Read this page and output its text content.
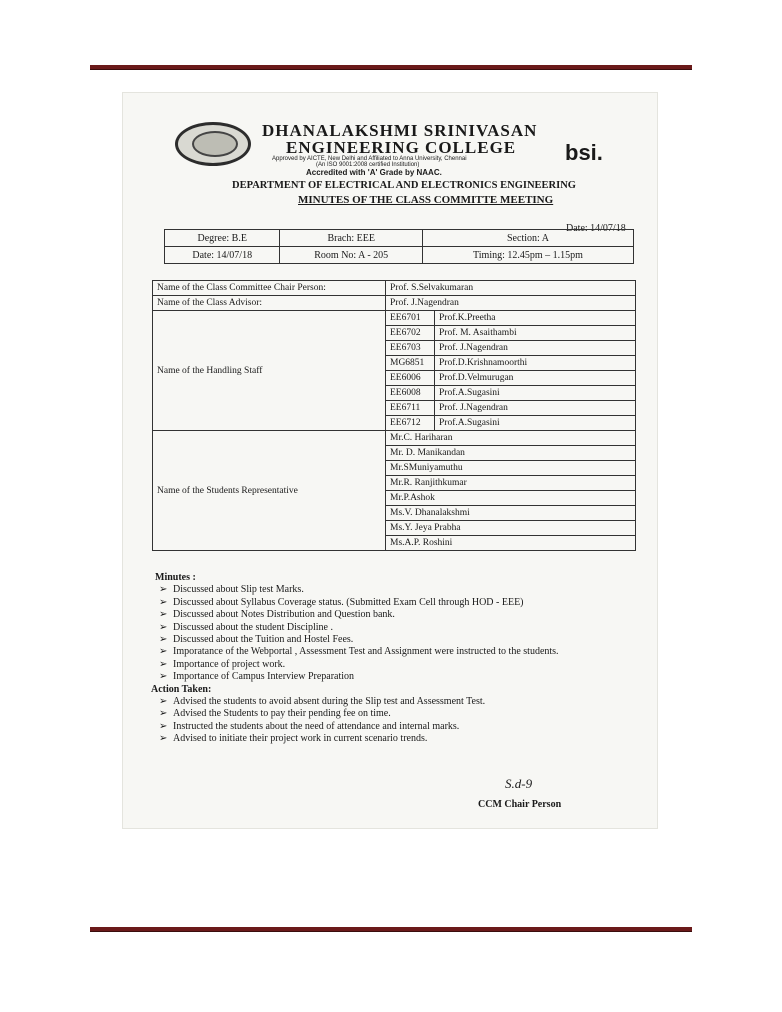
DHANALAKSHMI SRINIVASAN
ENGINEERING COLLEGE
Approved by AICTE, New Delhi and Affiliated to Anna University, Chennai
(An ISO 9001:2008 certified Institution)
Accredited with 'A' Grade by NAAC.
bsi.
DEPARTMENT OF ELECTRICAL AND ELECTRONICS ENGINEERING
MINUTES OF THE CLASS COMMITTE MEETING
Date: 14/07/18
Degree: B.E	Brach: EEE	Section: A
Date: 14/07/18	Room No: A - 205	Timing: 12.45pm – 1.15pm
Name of the Class Committee Chair Person:	Prof. S.Selvakumaran	
Name of the Class Advisor:	Prof. J.Nagendran	
Name of the Handling Staff	EE6701	Prof.K.Preetha
	EE6702	Prof. M. Asaithambi
	EE6703	Prof. J.Nagendran
	MG6851	Prof.D.Krishnamoorthi
	EE6006	Prof.D.Velmurugan
	EE6008	Prof.A.Sugasini
	EE6711	Prof. J.Nagendran
	EE6712	Prof.A.Sugasini
Name of the Students Representative	Mr.C. Hariharan	
	Mr. D. Manikandan	
	Mr.SMuniyamuthu	
	Mr.R. Ranjithkumar	
	Mr.P.Ashok	
	Ms.V. Dhanalakshmi	
	Ms.Y. Jeya Prabha	
	Ms.A.P. Roshini	
Minutes :
➢ Discussed about Slip test Marks.
➢ Discussed about Syllabus Coverage status. (Submitted Exam Cell through HOD - EEE)
➢ Discussed about Notes Distribution and Question bank.
➢ Discussed about the student Discipline .
➢ Discussed about the Tuition and Hostel Fees.
➢ Imporatance of the Webportal , Assessment Test and Assignment were instructed to the students.
➢ Importance of project work.
➢ Importance of Campus Interview Preparation
Action Taken:
➢ Advised the students to avoid absent during the Slip test and Assessment Test.
➢ Advised the Students to pay their pending fee on time.
➢ Instructed the students about the need of attendance and internal marks.
➢ Advised to initiate their project work in current scenario trends.
S.d-9
CCM Chair Person
